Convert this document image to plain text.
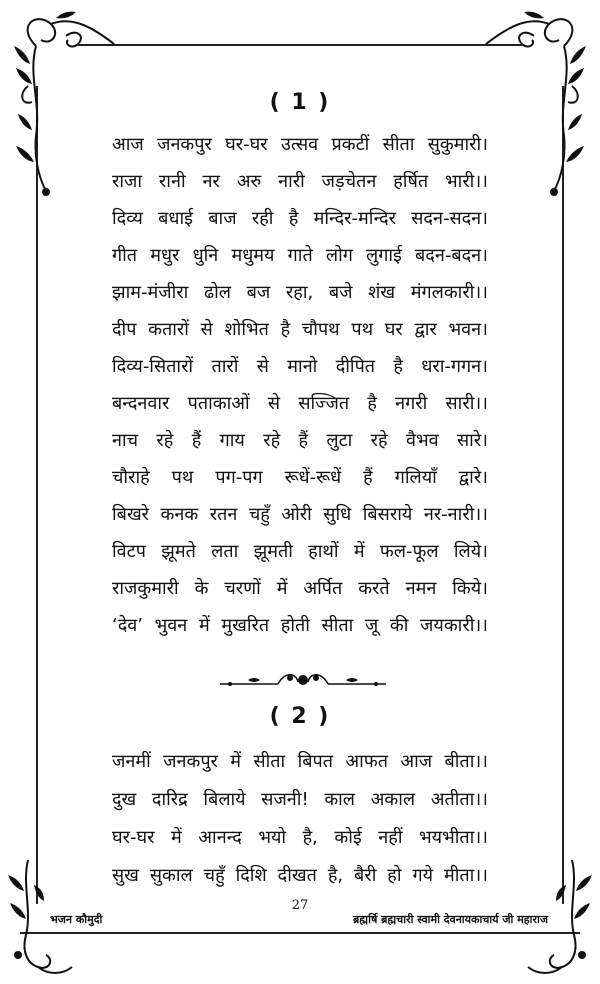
( 1 )
आज जनकपुर घर-घर उत्सव प्रकटीं सीता सुकुमारी।
राजा रानी नर अरु नारी जड़चेतन हर्षित भारी।।
दिव्य बधाई बाज रही है मन्दिर-मन्दिर सदन-सदन।
गीत मधुर धुनि मधुमय गाते लोग लुगाई बदन-बदन।
झाम-मंजीरा ढोल बज रहा, बजे शंख मंगलकारी।।
दीप कतारों से शोभित है चौपथ पथ घर द्वार भवन।
दिव्य-सितारों तारों से मानो दीपित है धरा-गगन।
बन्दनवार पताकाओं से सज्जित है नगरी सारी।।
नाच रहे हैं गाय रहे हैं लुटा रहे वैभव सारे।
चौराहे पथ पग-पग रूधें-रूधें हैं गलियाँ द्वारे।
बिखरे कनक रतन चहुँ ओरी सुधि बिसराये नर-नारी।।
विटप झूमते लता झूमती हाथों में फल-फूल लिये।
राजकुमारी के चरणों में अर्पित करते नमन किये।
‘देव’ भुवन में मुखरित होती सीता जू की जयकारी।।
( 2 )
जनमीं जनकपुर में सीता बिपत आफत आज बीता।।
दुख दारिद्र बिलाये सजनी! काल अकाल अतीता।।
घर-घर में आनन्द भयो है, कोई नहीं भयभीता।।
सुख सुकाल चहुँ दिशि दीखत है, बैरी हो गये मीता।।
27
भजन कौमुदी	ब्रह्मर्षि ब्रह्मचारी स्वामी देवनायकाचार्य जी महाराज
